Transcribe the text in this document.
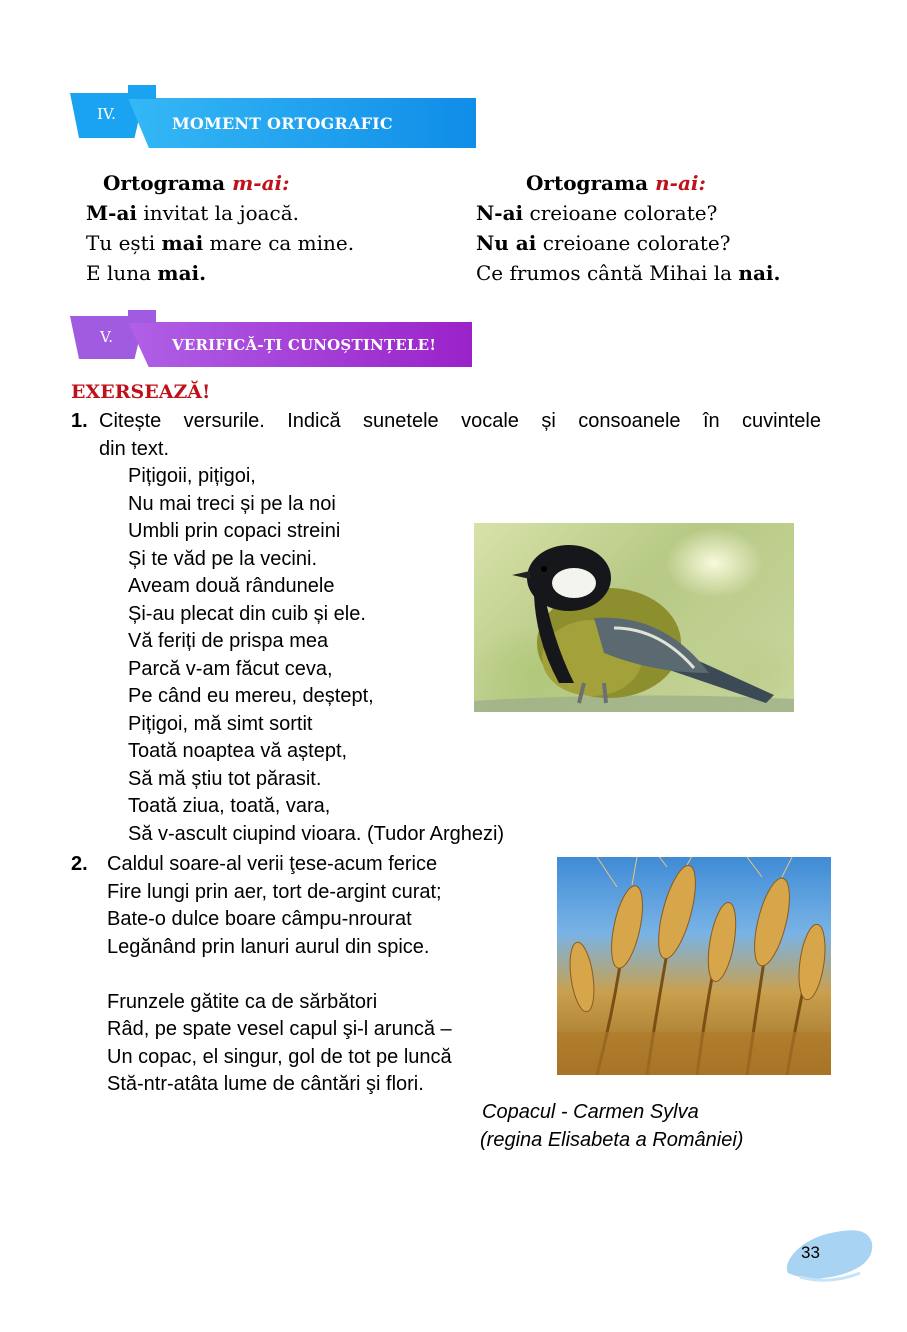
IV.	MOMENT ORTOGRAFIC
Ortograma m-ai:
M-ai invitat la joacă.
Tu ești mai mare ca mine.
E luna mai.
Ortograma n-ai:
N-ai creioane colorate?
Nu ai creioane colorate?
Ce frumos cântă Mihai la nai.
V.	VERIFICĂ-ȚI CUNOȘTINȚELE!
EXERSEAZĂ!
1. Citește versurile. Indică sunetele vocale și consoanele în cuvintele
din text.
Pițigoii, pițigoi,
Nu mai treci și pe la noi
Umbli prin copaci streini
Și te văd pe la vecini.
Aveam două rândunele
Și-au plecat din cuib și ele.
Vă feriți de prispa mea
Parcă v-am făcut ceva,
Pe când eu mereu, deștept,
Pițigoi, mă simt sortit
Toată noaptea vă aștept,
Să mă știu tot părasit.
Toată ziua, toată, vara,
Să v-ascult ciupind vioara. (Tudor Arghezi)
2. Caldul soare-al verii ţese-acum ferice
Fire lungi prin aer, tort de-argint curat;
Bate-o dulce boare câmpu-nrourat
Legănând prin lanuri aurul din spice.
Frunzele gătite ca de sărbători
Râd, pe spate vesel capul şi-l aruncă –
Un copac, el singur, gol de tot pe luncă
Stă-ntr-atâta lume de cântări şi flori.
Copacul - Carmen Sylva
(regina Elisabeta a României)
33
